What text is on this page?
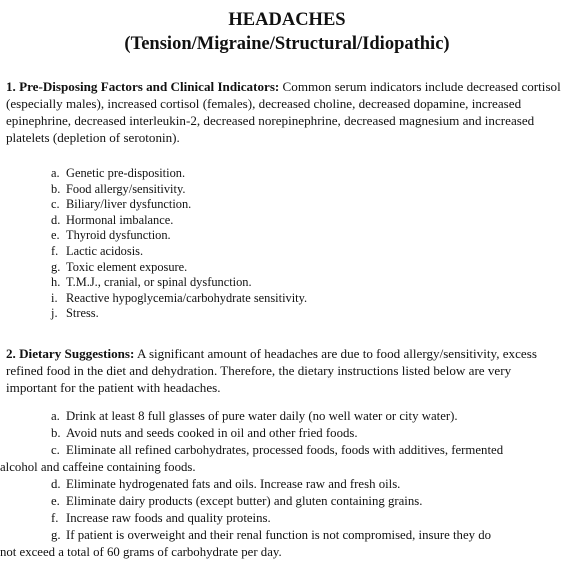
HEADACHES
(Tension/Migraine/Structural/Idiopathic)

1. Pre-Disposing Factors and Clinical Indicators: Common serum indicators include decreased cortisol (especially males), increased cortisol (females), decreased choline, decreased dopamine, increased epinephrine, decreased interleukin-2, decreased norepinephrine, decreased magnesium and increased platelets (depletion of serotonin).

a. Genetic pre-disposition.
b. Food allergy/sensitivity.
c. Biliary/liver dysfunction.
d. Hormonal imbalance.
e. Thyroid dysfunction.
f. Lactic acidosis.
g. Toxic element exposure.
h. T.M.J., cranial, or spinal dysfunction.
i. Reactive hypoglycemia/carbohydrate sensitivity.
j. Stress.

2. Dietary Suggestions: A significant amount of headaches are due to food allergy/sensitivity, excess refined food in the diet and dehydration. Therefore, the dietary instructions listed below are very important for the patient with headaches.

a. Drink at least 8 full glasses of pure water daily (no well water or city water).
b. Avoid nuts and seeds cooked in oil and other fried foods.
c. Eliminate all refined carbohydrates, processed foods, foods with additives, fermented
alcohol and caffeine containing foods.
d. Eliminate hydrogenated fats and oils. Increase raw and fresh oils.
e. Eliminate dairy products (except butter) and gluten containing grains.
f. Increase raw foods and quality proteins.
g. If patient is overweight and their renal function is not compromised, insure they do
not exceed a total of 60 grams of carbohydrate per day.
